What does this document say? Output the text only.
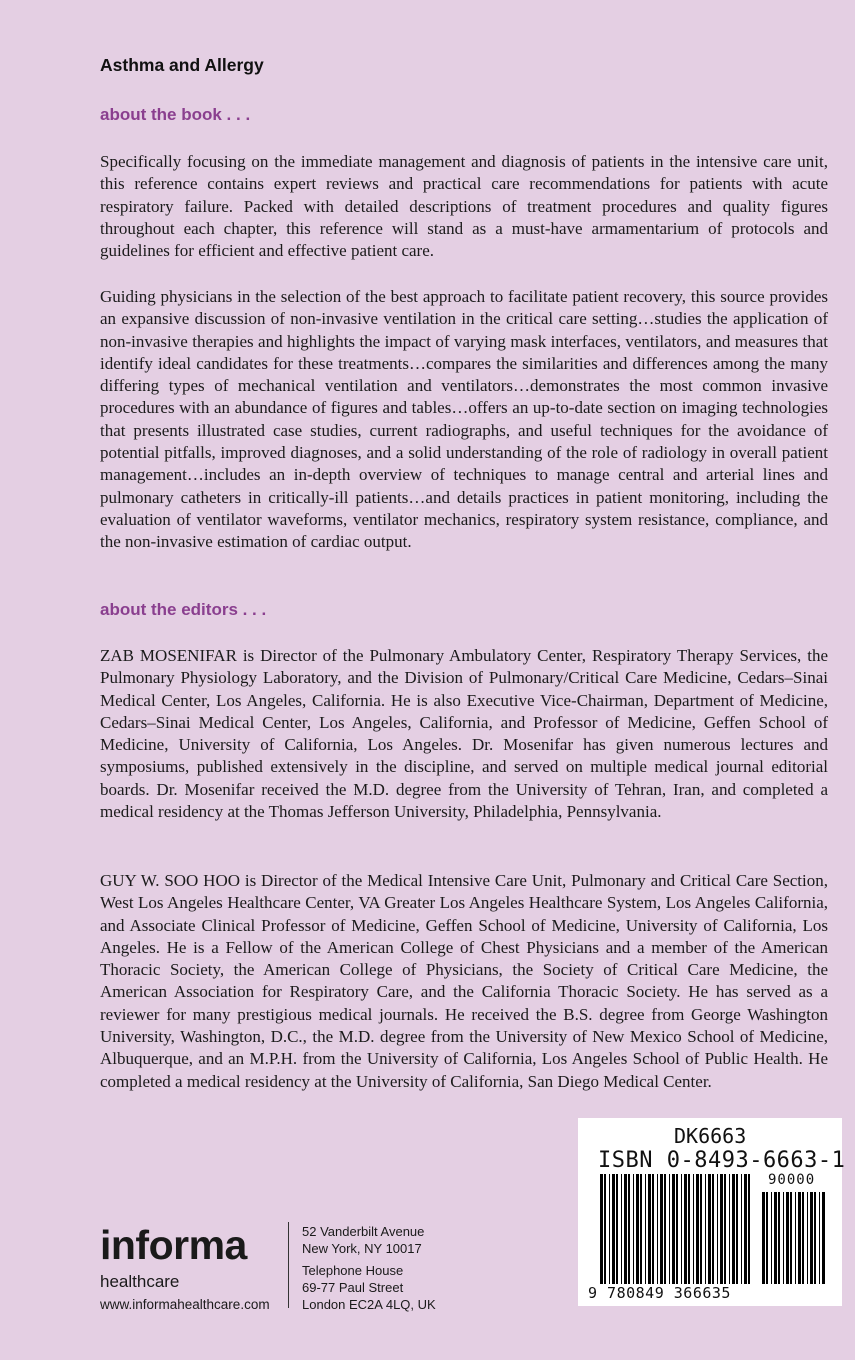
Asthma and Allergy
about the book . . .

Specifically focusing on the immediate management and diagnosis of patients in the intensive care unit, this reference contains expert reviews and practical care recommendations for patients with acute respiratory failure. Packed with detailed descriptions of treatment procedures and quality figures throughout each chapter, this reference will stand as a must-have armamentarium of protocols and guidelines for efficient and effective patient care.

Guiding physicians in the selection of the best approach to facilitate patient recovery, this source provides an expansive discussion of non-invasive ventilation in the critical care setting…studies the application of non-invasive therapies and highlights the impact of varying mask interfaces, ventilators, and measures that identify ideal candidates for these treatments…compares the similarities and differences among the many differing types of mechanical ventilation and ventilators…demonstrates the most common invasive procedures with an abundance of figures and tables…offers an up-to-date section on imaging technologies that presents illustrated case studies, current radiographs, and useful techniques for the avoidance of potential pitfalls, improved diagnoses, and a solid understanding of the role of radiology in overall patient management…includes an in-depth overview of techniques to manage central and arterial lines and pulmonary catheters in critically-ill patients…and details practices in patient monitoring, including the evaluation of ventilator waveforms, ventilator mechanics, respiratory system resistance, compliance, and the non-invasive estimation of cardiac output.

about the editors . . .

ZAB MOSENIFAR is Director of the Pulmonary Ambulatory Center, Respiratory Therapy Services, the Pulmonary Physiology Laboratory, and the Division of Pulmonary/Critical Care Medicine, Cedars–Sinai Medical Center, Los Angeles, California. He is also Executive Vice-Chairman, Department of Medicine, Cedars–Sinai Medical Center, Los Angeles, California, and Professor of Medicine, Geffen School of Medicine, University of California, Los Angeles. Dr. Mosenifar has given numerous lectures and symposiums, published extensively in the discipline, and served on multiple medical journal editorial boards. Dr. Mosenifar received the M.D. degree from the University of Tehran, Iran, and completed a medical residency at the Thomas Jefferson University, Philadelphia, Pennsylvania.

GUY W. SOO HOO is Director of the Medical Intensive Care Unit, Pulmonary and Critical Care Section, West Los Angeles Healthcare Center, VA Greater Los Angeles Healthcare System, Los Angeles California, and Associate Clinical Professor of Medicine, Geffen School of Medicine, University of California, Los Angeles. He is a Fellow of the American College of Chest Physicians and a member of the American Thoracic Society, the American College of Physicians, the Society of Critical Care Medicine, the American Association for Respiratory Care, and the California Thoracic Society. He has served as a reviewer for many prestigious medical journals. He received the B.S. degree from George Washington University, Washington, D.C., the M.D. degree from the University of New Mexico School of Medicine, Albuquerque, and an M.P.H. from the University of California, Los Angeles School of Public Health. He completed a medical residency at the University of California, San Diego Medical Center.

informa
healthcare
www.informahealthcare.com
52 Vanderbilt Avenue
New York, NY 10017
Telephone House
69-77 Paul Street
London EC2A 4LQ, UK
DK6663
ISBN 0-8493-6663-1
90000
9 780849 366635
